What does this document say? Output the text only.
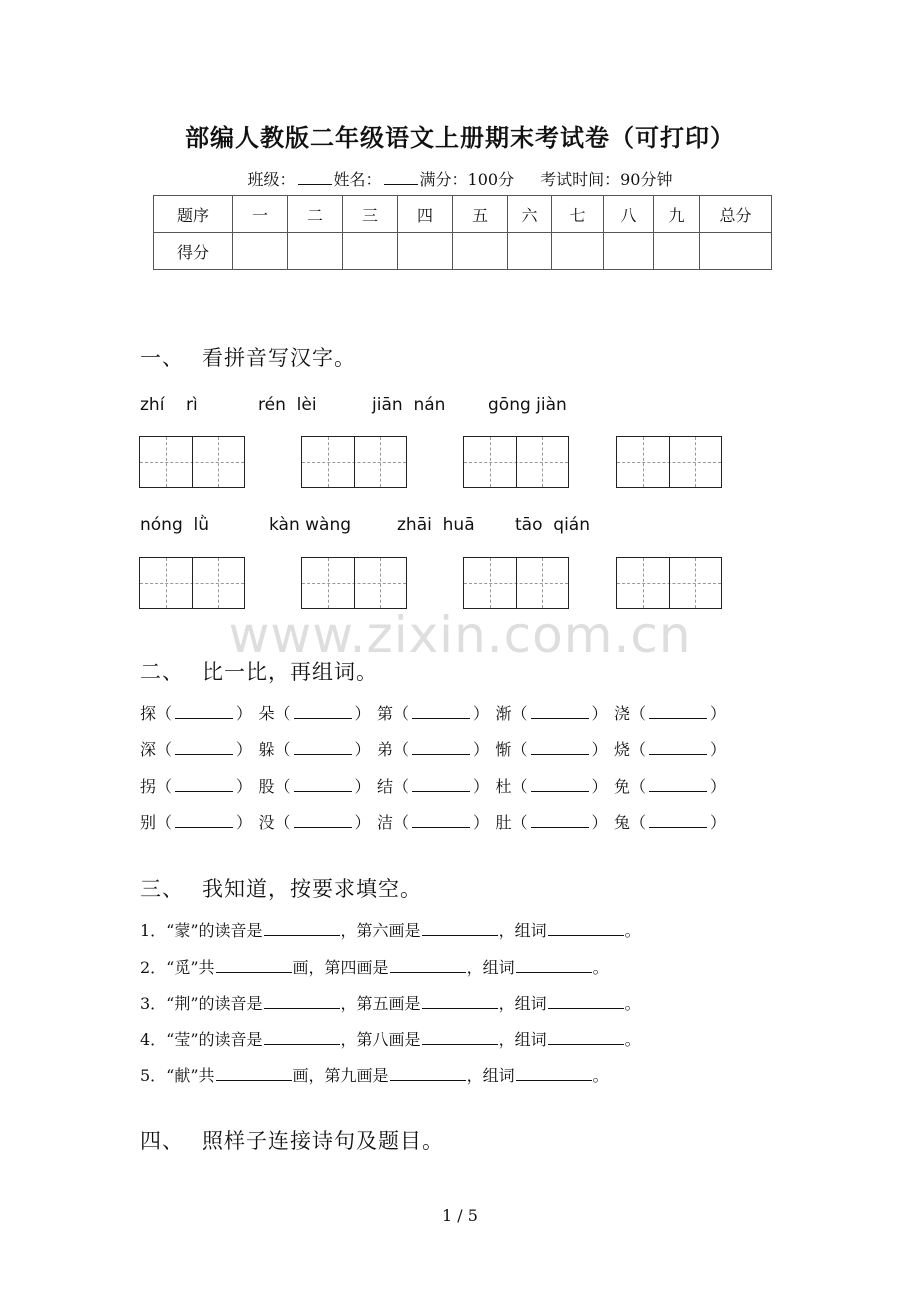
部编人教版二年级语文上册期末考试卷（可打印）
班级： 姓名： 满分：100分 考试时间：90分钟
题序	一	二	三	四	五	六	七	八	九	总分
得分										
一、 看拼音写汉字。
zhí    rì	rén  lèi	jiān  nán	gōng jiàn
nóng  lǜ	kàn wàng	zhāi  huā tāo  qián
www.zixin.com.cn
二、 比一比，再组词。
探（	） 朵（	） 第（	） 渐（	） 浇（	）
深（	） 躲（	） 弟（	） 惭（	） 烧（	）
拐（	） 股（	） 结（	） 杜（	） 免（	）
别（	） 没（	） 洁（	） 肚（	） 兔（	）
三、 我知道，按要求填空。
1．“蒙”的读音是	，第六画是	，组词	。
2．“觅”共	画，第四画是	，组词	。
3．“荆”的读音是	，第五画是	，组词	。
4．“莹”的读音是	，第八画是	，组词	。
5．“献”共	画，第九画是	，组词	。
四、 照样子连接诗句及题目。
1 / 5
